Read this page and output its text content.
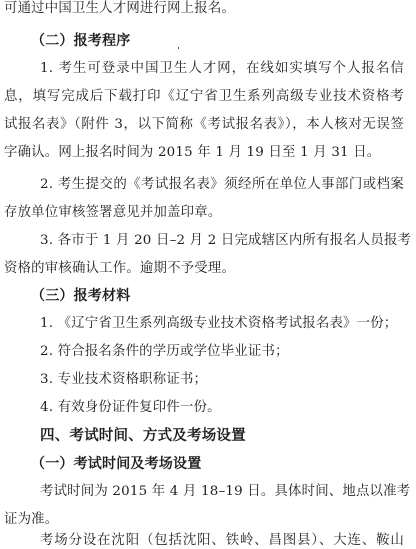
可通过中国卫生人才网进行网上报名。
（二）报考程序
1. 考生可登录中国卫生人才网，在线如实填写个人报名信
息，填写完成后下载打印《辽宁省卫生系列高级专业技术资格考
试报名表》（附件 3，以下简称《考试报名表》），本人核对无误签
字确认。网上报名时间为 2015 年 1 月 19 日至 1 月 31 日。
2. 考生提交的《考试报名表》须经所在单位人事部门或档案
存放单位审核签署意见并加盖印章。
3. 各市于 1 月 20 日–2 月 2 日完成辖区内所有报名人员报考
资格的审核确认工作。逾期不予受理。
（三）报考材料
1. 《辽宁省卫生系列高级专业技术资格考试报名表》一份；
2. 符合报名条件的学历或学位毕业证书；
3. 专业技术资格职称证书；
4. 有效身份证件复印件一份。
四、考试时间、方式及考场设置
（一）考试时间及考场设置
考试时间为 2015 年 4 月 18–19 日。具体时间、地点以准考
证为准。
考场分设在沈阳（包括沈阳、铁岭、昌图县）、大连、鞍山
